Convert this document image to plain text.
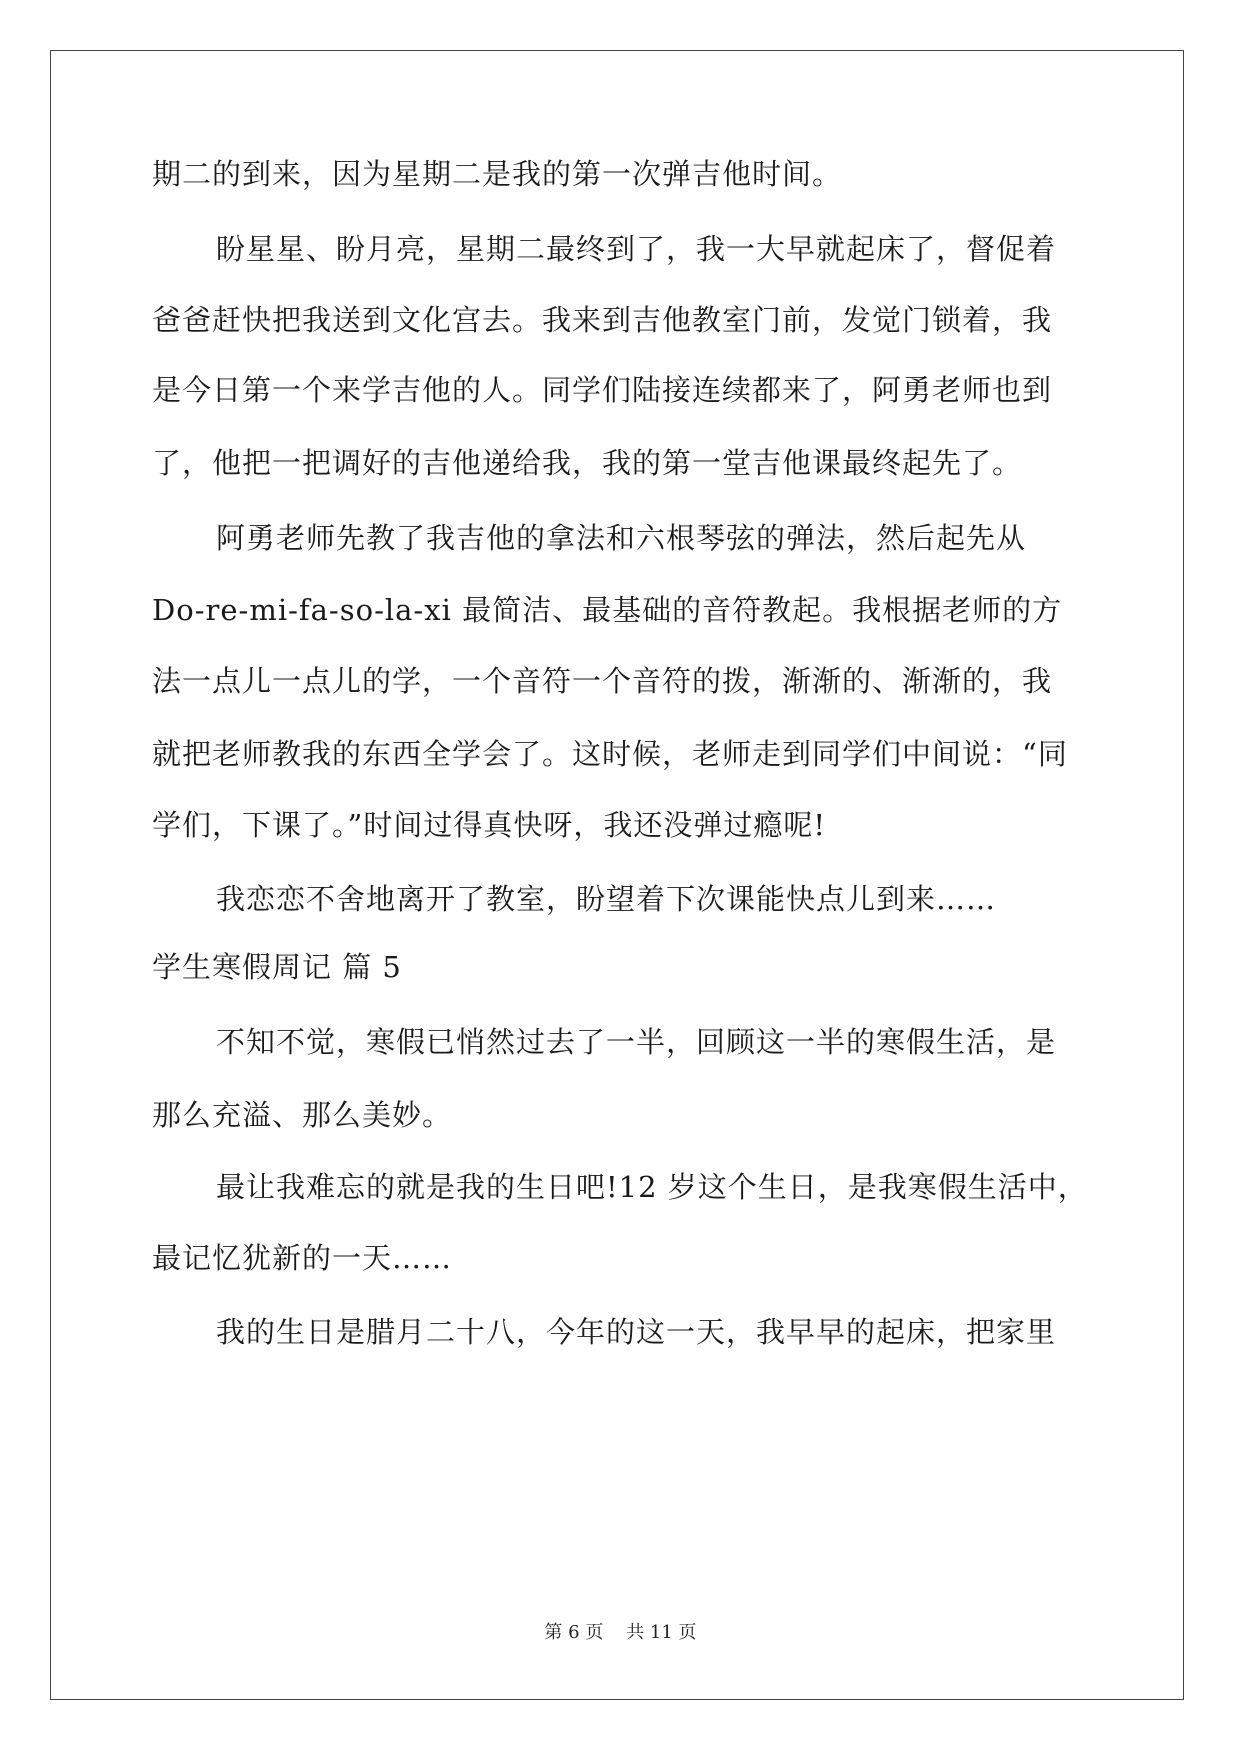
期二的到来，因为星期二是我的第一次弹吉他时间。
盼星星、盼月亮，星期二最终到了，我一大早就起床了，督促着
爸爸赶快把我送到文化宫去。我来到吉他教室门前，发觉门锁着，我
是今日第一个来学吉他的人。同学们陆接连续都来了，阿勇老师也到
了，他把一把调好的吉他递给我，我的第一堂吉他课最终起先了。
阿勇老师先教了我吉他的拿法和六根琴弦的弹法，然后起先从
Do-re-mi-fa-so-la-xi 最简洁、最基础的音符教起。我根据老师的方
法一点儿一点儿的学，一个音符一个音符的拨，渐渐的、渐渐的，我
就把老师教我的东西全学会了。这时候，老师走到同学们中间说：“同
学们，下课了。”时间过得真快呀，我还没弹过瘾呢!
我恋恋不舍地离开了教室，盼望着下次课能快点儿到来……
学生寒假周记 篇 5
不知不觉，寒假已悄然过去了一半，回顾这一半的寒假生活，是
那么充溢、那么美妙。
最让我难忘的就是我的生日吧!12 岁这个生日，是我寒假生活中，
最记忆犹新的一天……
我的生日是腊月二十八，今年的这一天，我早早的起床，把家里
第 6 页    共 11 页
